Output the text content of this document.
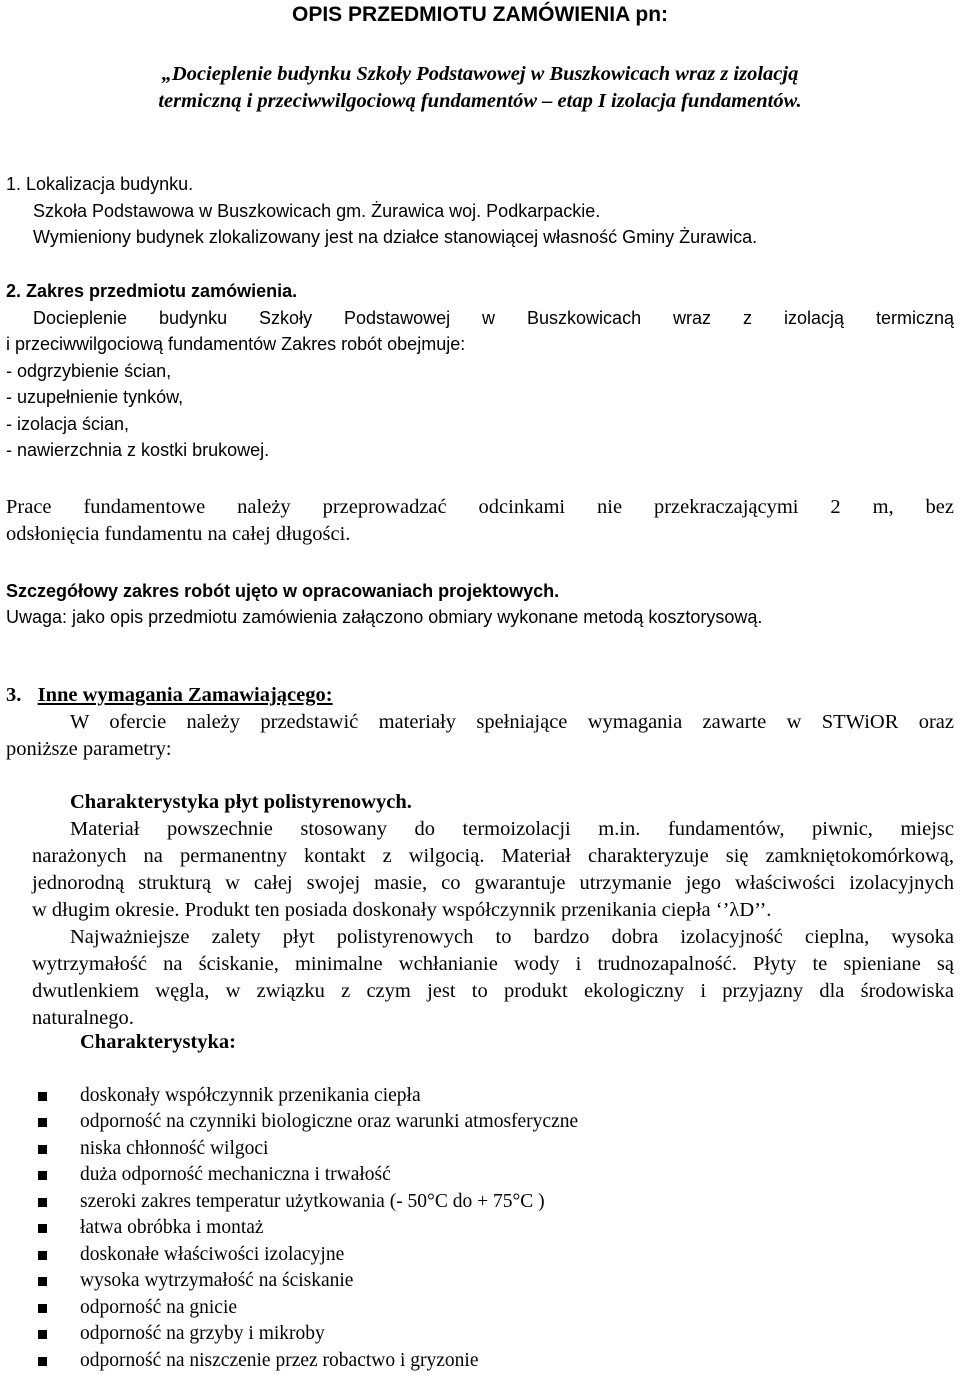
OPIS PRZEDMIOTU ZAMÓWIENIA pn:
„Docieplenie budynku Szkoły Podstawowej w Buszkowicach wraz z izolacją
termiczną i przeciwwilgociową fundamentów – etap I izolacja fundamentów.
1. Lokalizacja budynku.
Szkoła Podstawowa w Buszkowicach gm. Żurawica woj. Podkarpackie.
Wymieniony budynek zlokalizowany jest na działce stanowiącej własność Gminy Żurawica.
2. Zakres przedmiotu zamówienia.
Docieplenie budynku Szkoły Podstawowej w Buszkowicach wraz z izolacją termiczną
i przeciwwilgociową fundamentów Zakres robót obejmuje:
- odgrzybienie ścian,
- uzupełnienie tynków,
- izolacja ścian,
- nawierzchnia z kostki brukowej.
Prace fundamentowe należy przeprowadzać odcinkami nie przekraczającymi 2 m, bez
odsłonięcia fundamentu na całej długości.
Szczegółowy zakres robót ujęto w opracowaniach projektowych.
Uwaga: jako opis przedmiotu zamówienia załączono obmiary wykonane metodą kosztorysową.
3. Inne wymagania Zamawiającego:
W ofercie należy przedstawić materiały spełniające wymagania zawarte w STWiOR oraz
poniższe parametry:
Charakterystyka płyt polistyrenowych.
Materiał powszechnie stosowany do termoizolacji m.in. fundamentów, piwnic, miejsc
narażonych na permanentny kontakt z wilgocią. Materiał charakteryzuje się zamkniętokomórkową,
jednorodną strukturą w całej swojej masie, co gwarantuje utrzymanie jego właściwości izolacyjnych
w długim okresie. Produkt ten posiada doskonały współczynnik przenikania ciepła ‘’λD’’.
Najważniejsze zalety płyt polistyrenowych to bardzo dobra izolacyjność cieplna, wysoka
wytrzymałość na ściskanie, minimalne wchłanianie wody i trudnozapalność. Płyty te spieniane są
dwutlenkiem węgla, w związku z czym jest to produkt ekologiczny i przyjazny dla środowiska
naturalnego.
Charakterystyka:
doskonały współczynnik przenikania ciepła
odporność na czynniki biologiczne oraz warunki atmosferyczne
niska chłonność wilgoci
duża odporność mechaniczna i trwałość
szeroki zakres temperatur użytkowania (- 50°C do + 75°C )
łatwa obróbka i montaż
doskonałe właściwości izolacyjne
wysoka wytrzymałość na ściskanie
odporność na gnicie
odporność na grzyby i mikroby
odporność na niszczenie przez robactwo i gryzonie
